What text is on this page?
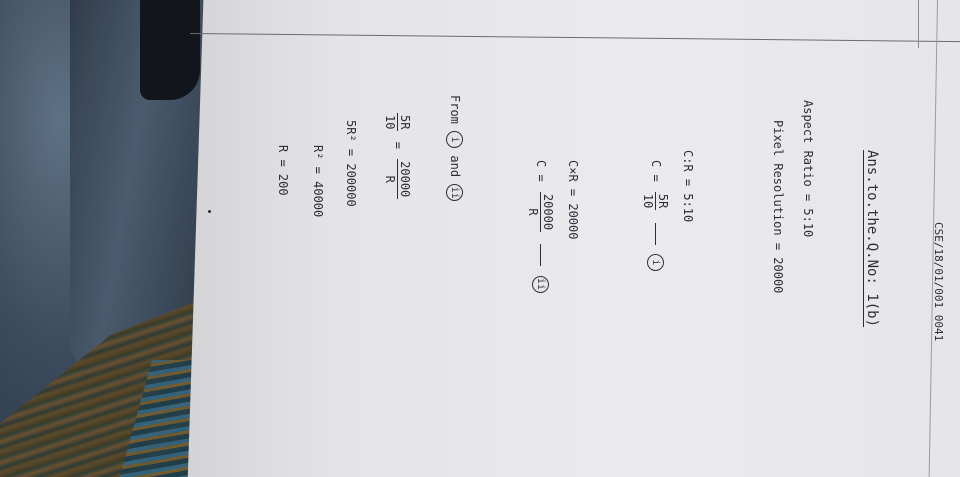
CSE/18/01/001 0041
Ans.to.the.Q.No: 1(b)
Aspect Ratio = 5:10
Pixel Resolution = 20000
C:R = 5:10
C =
5R
10
i
C×R = 20000
C =
20000
R
ii
From i and ii
5R
10
=
20000
R
5R² = 200000
R² = 40000
R = 200
